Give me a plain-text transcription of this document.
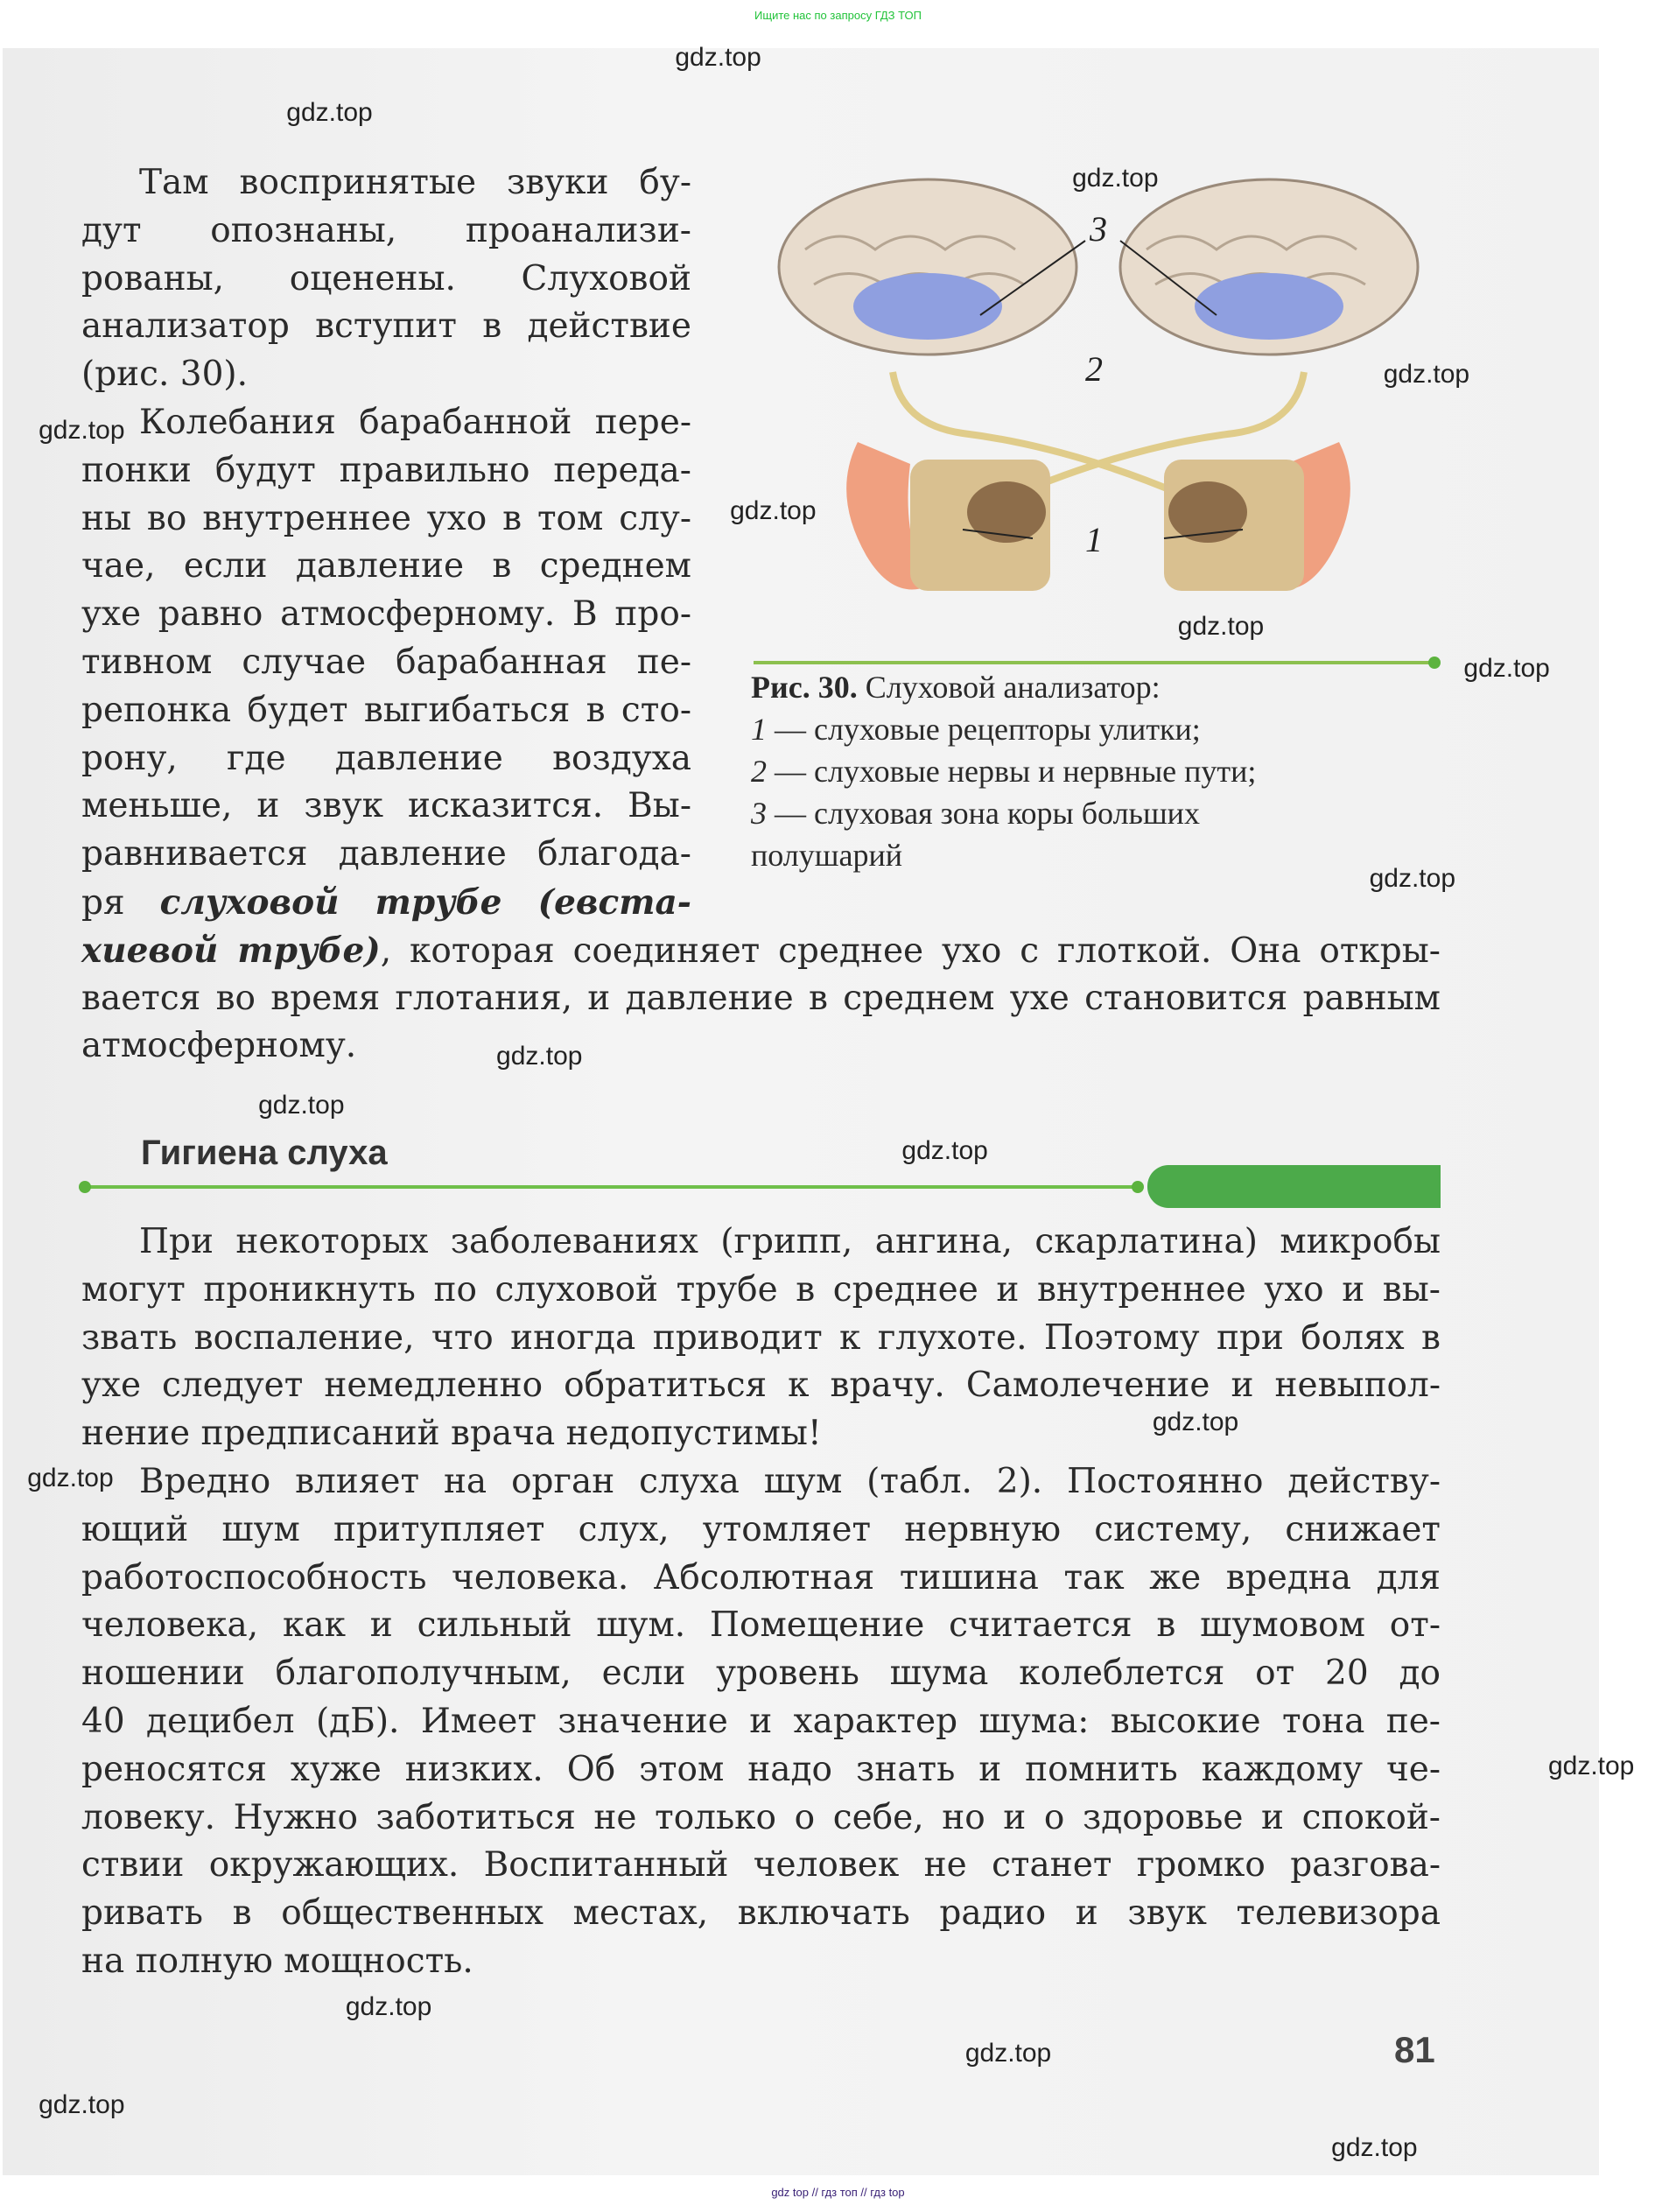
Ищите нас по запросу ГДЗ ТОП
Там воспринятые звуки бу-
дут опознаны, проанализи-
рованы, оценены. Слуховой
анализатор вступит в действие
(рис. 30).
Колебания барабанной пере-
понки будут правильно переда-
ны во внутреннее ухо в том слу-
чае, если давление в среднем
ухе равно атмосферному. В про-
тивном случае барабанная пе-
репонка будет выгибаться в сто-
рону, где давление воздуха
меньше, и звук исказится. Вы-
равнивается давление благода-
ря слуховой трубе (евста-
хиевой трубе), которая соединяет среднее ухо с глоткой. Она откры-
вается во время глотания, и давление в среднем ухе становится равным
атмосферному.
При некоторых заболеваниях (грипп, ангина, скарлатина) микробы
могут проникнуть по слуховой трубе в среднее и внутреннее ухо и вы-
звать воспаление, что иногда приводит к глухоте. Поэтому при болях в
ухе следует немедленно обратиться к врачу. Самолечение и невыпол-
нение предписаний врача недопустимы!
Вредно влияет на орган слуха шум (табл. 2). Постоянно действу-
ющий шум притупляет слух, утомляет нервную систему, снижает
работоспособность человека. Абсолютная тишина так же вредна для
человека, как и сильный шум. Помещение считается в шумовом от-
ношении благополучным, если уровень шума колеблется от 20 до
40 децибел (дБ). Имеет значение и характер шума: высокие тона пе-
реносятся хуже низких. Об этом надо знать и помнить каждому че-
ловеку. Нужно заботиться не только о себе, но и о здоровье и спокой-
ствии окружающих. Воспитанный человек не станет громко разгова-
ривать в общественных местах, включать радио и звук телевизора
на полную мощность.
3
2
1
Рис. 30. Слуховой анализатор:
1 — слуховые рецепторы улитки;
2 — слуховые нервы и нервные пути;
3 — слуховая зона коры больших
полушарий
Гигиена слуха
81
gdz.top
gdz.top
gdz.top
gdz.top
gdz.top
gdz.top
gdz.top
gdz.top
gdz.top
gdz.top
gdz.top
gdz.top
gdz.top
gdz.top
gdz.top
gdz.top
gdz.top
gdz.top
gdz.top
gdz top // гдз топ // гдз top
